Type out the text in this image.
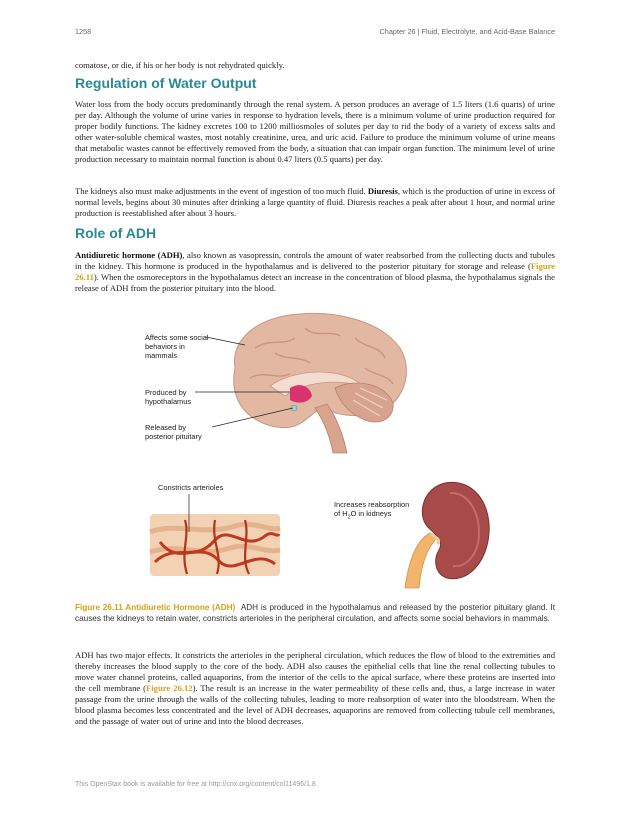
1258	Chapter 26 | Fluid, Electrolyte, and Acid-Base Balance

comatose, or die, if his or her body is not rehydrated quickly.

Regulation of Water Output

Water loss from the body occurs predominantly through the renal system. A person produces an average of 1.5 liters (1.6 quarts) of urine per day. Although the volume of urine varies in response to hydration levels, there is a minimum volume of urine production required for proper bodily functions. The kidney excretes 100 to 1200 milliosmoles of solutes per day to rid the body of a variety of excess salts and other water-soluble chemical wastes, most notably creatinine, urea, and uric acid. Failure to produce the minimum volume of urine means that metabolic wastes cannot be effectively removed from the body, a situation that can impair organ function. The minimum level of urine production necessary to maintain normal function is about 0.47 liters (0.5 quarts) per day.

The kidneys also must make adjustments in the event of ingestion of too much fluid. Diuresis, which is the production of urine in excess of normal levels, begins about 30 minutes after drinking a large quantity of fluid. Diuresis reaches a peak after about 1 hour, and normal urine production is reestablished after about 3 hours.

Role of ADH

Antidiuretic hormone (ADH), also known as vasopressin, controls the amount of water reabsorbed from the collecting ducts and tubules in the kidney. This hormone is produced in the hypothalamus and is delivered to the posterior pituitary for storage and release (Figure 26.11). When the osmoreceptors in the hypothalamus detect an increase in the concentration of blood plasma, the hypothalamus signals the release of ADH from the posterior pituitary into the blood.

Affects some social
behaviors in
mammals
Produced by
hypothalamus
Released by
posterior pituitary
Constricts arterioles
Increases reabsorption
of $H_2O$ in kidneys

Figure 26.11 Antidiuretic Hormone (ADH) ADH is produced in the hypothalamus and released by the posterior pituitary gland. It causes the kidneys to retain water, constricts arterioles in the peripheral circulation, and affects some social behaviors in mammals.

ADH has two major effects. It constricts the arterioles in the peripheral circulation, which reduces the flow of blood to the extremities and thereby increases the blood supply to the core of the body. ADH also causes the epithelial cells that line the renal collecting tubules to move water channel proteins, called aquaporins, from the interior of the cells to the apical surface, where these proteins are inserted into the cell membrane (Figure 26.12). The result is an increase in the water permeability of these cells and, thus, a large increase in water passage from the urine through the walls of the collecting tubules, leading to more reabsorption of water into the bloodstream. When the blood plasma becomes less concentrated and the level of ADH decreases, aquaporins are removed from collecting tubule cell membranes, and the passage of water out of urine and into the blood decreases.

This OpenStax book is available for free at http://cnx.org/content/col11496/1.8
